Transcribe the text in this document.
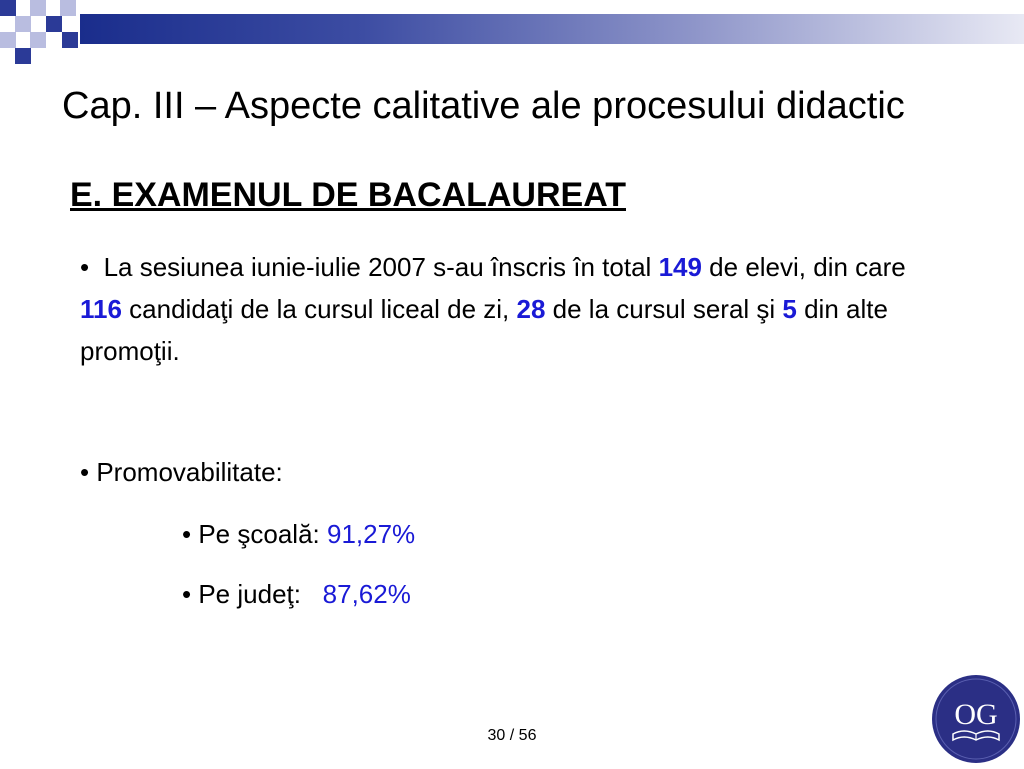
Cap. III – Aspecte calitative ale procesului didactic
E. EXAMENUL DE BACALAUREAT
• La sesiunea iunie-iulie 2007 s-au înscris în total 149 de elevi, din care 116 candidaţi de la cursul liceal de zi, 28 de la cursul seral şi 5 din alte promoţii.
• Promovabilitate:
• Pe şcoală: 91,27%
• Pe judeţ:   87,62%
30 / 56
OG
